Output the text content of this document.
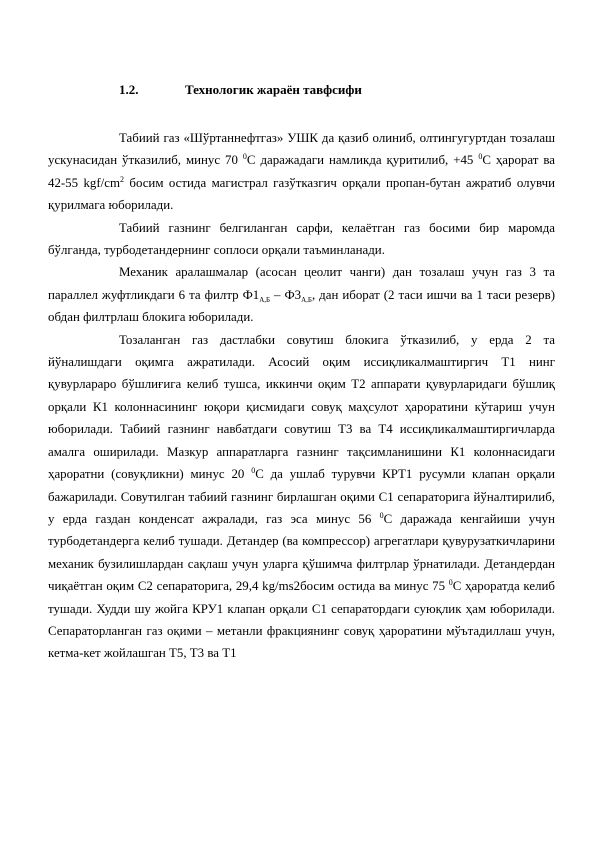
1.2.	Технологик жараён тавфсифи

Табиий газ «Шўртаннефтгаз» УШК да қазиб олиниб, олтингугуртдан тозалаш ускунасидан ўтказилиб, минус 70 $^0$С даражадаги намликда қуритилиб, +45 $^0$С ҳарорат ва 42-55 kgf/$cm^2$ босим остида магистрал газўтказгич орқали пропан-бутан ажратиб олувчи қурилмага юборилади.

Табиий газнинг белгиланган сарфи, келаётган газ босими бир маромда бўлганда, турбодетандернинг соплоси орқали таъминланади.

Механик аралашмалар (асосан цеолит чанги) дан тозалаш учун газ 3 та параллел жуфтликдаги 6 та филтр $Ф1_{А,Б} - Ф3_{А,Б}$, дан иборат (2 таси ишчи ва 1 таси резерв) обдан филтрлаш блокига юборилади.

Тозаланган газ дастлабки совутиш блокига ўтказилиб, у ерда 2 та йўналишдаги оқимга ажратилади. Асосий оқим иссиқликалмаштиргич Т1 нинг қувурлараро бўшлиғига келиб тушса, иккинчи оқим Т2 аппарати қувурларидаги бўшлиқ орқали К1 колоннасининг юқори қисмидаги совуқ маҳсулот ҳароратини кўтариш учун юборилади. Табиий газнинг навбатдаги совутиш Т3 ва Т4 иссиқликалмаштиргичларда амалга оширилади. Мазкур аппаратларга газнинг тақсимланишини К1 колоннасидаги ҳароратни (совуқликни) минус 20 $^0$С да ушлаб турувчи КРТ1 русумли клапан орқали бажарилади. Совутилган табиий газнинг бирлашган оқими С1 сепараторига йўналтирилиб, у ерда газдан конденсат ажралади, газ эса минус 56 $^0$С даражада кенгайиши учун турбодетандерга келиб тушади. Детандер (ва компрессор) агрегатлари қувурузаткичларини механик бузилишлардан сақлаш учун уларга қўшимча филтрлар ўрнатилади. Детандердан чиқаётган оқим С2 сепараторига, 29,4 kg/ms2босим остида ва минус 75 $^0$С ҳароратда келиб тушади. Худди шу жойга КРУ1 клапан орқали С1 сепаратордаги суюқлик ҳам юборилади. Сепараторланган газ оқими – метанли фракциянинг совуқ ҳароратини мўътадиллаш учун, кетма-кет жойлашган Т5, Т3 ва Т1
